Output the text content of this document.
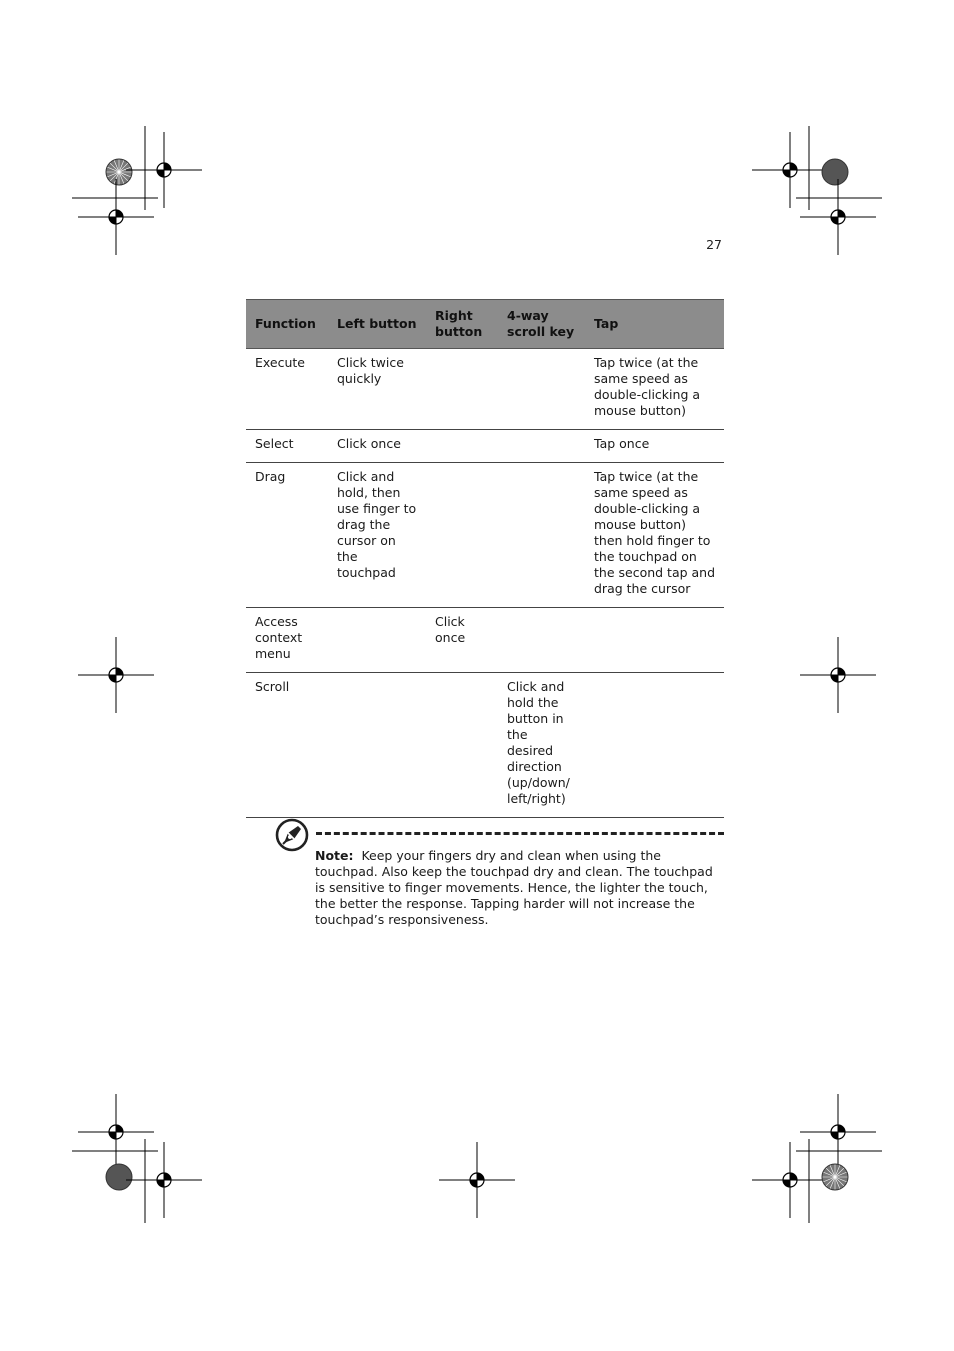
27
Function	Left button	Right button	4-way scroll key	Tap
Execute	Click twice quickly			Tap twice (at the same speed as double-clicking a mouse button)
Select	Click once			Tap once
Drag	Click and hold, then use finger to drag the cursor on the touchpad			Tap twice (at the same speed as double-clicking a mouse button) then hold finger to the touchpad on the second tap and drag the cursor
Access context menu		Click once		
Scroll			Click and hold the button in the desired direction (up/down/ left/right)	
Note: Keep your fingers dry and clean when using the touchpad. Also keep the touchpad dry and clean. The touchpad is sensitive to finger movements. Hence, the lighter the touch, the better the response. Tapping harder will not increase the touchpad’s responsiveness.
